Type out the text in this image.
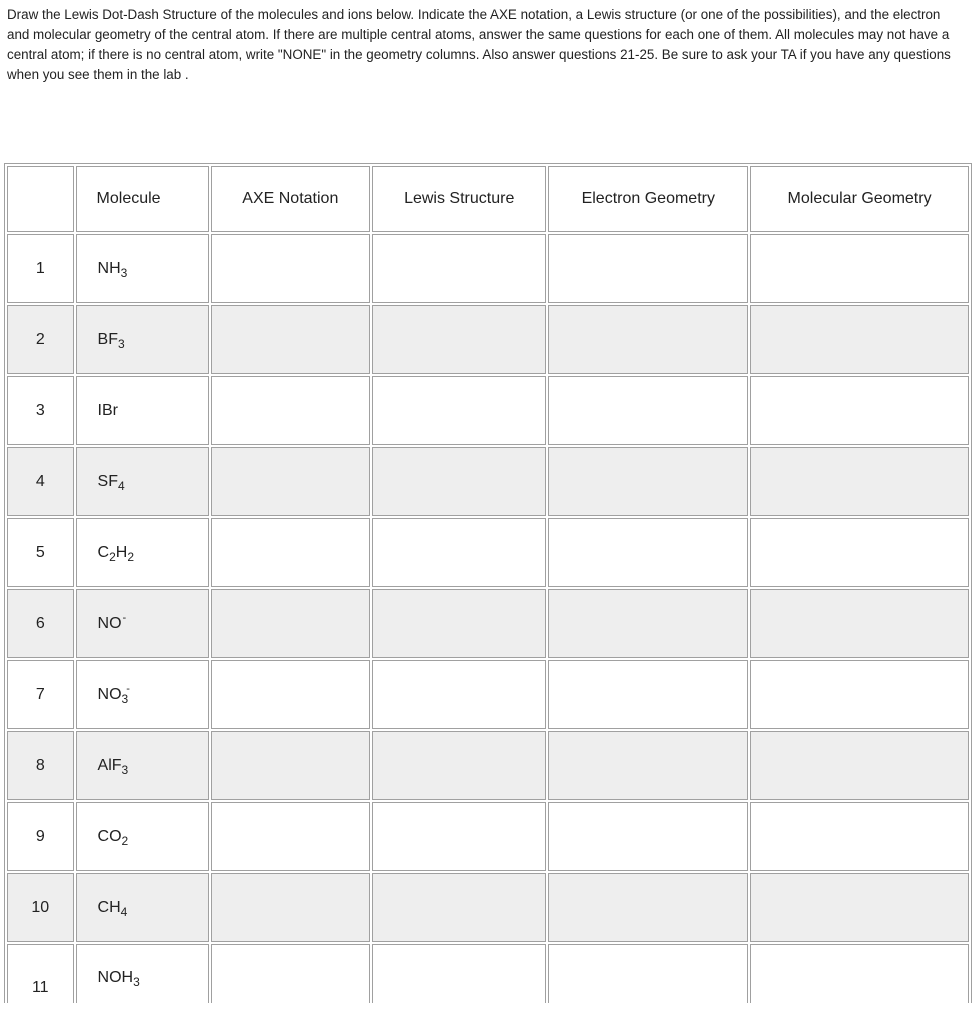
Draw the Lewis Dot-Dash Structure of the molecules and ions below. Indicate the AXE notation, a Lewis structure (or one of the possibilities), and the electron and molecular geometry of the central atom. If there are multiple central atoms, answer the same questions for each one of them. All molecules may not have a central atom; if there is no central atom, write "NONE" in the geometry columns. Also answer questions 21-25. Be sure to ask your TA if you have any questions when you see them in the lab .

	Molecule	AXE Notation	Lewis Structure	Electron Geometry	Molecular Geometry
1	$NH_3$				
2	$BF_3$				
3	IBr				
4	$SF_4$				
5	$C_2H_2$				
6	NO-				
7	$NO_3^-$				
8	AlF$_3$				
9	$CO_2$				
10	$CH_4$				
11	$NOH_3$				
